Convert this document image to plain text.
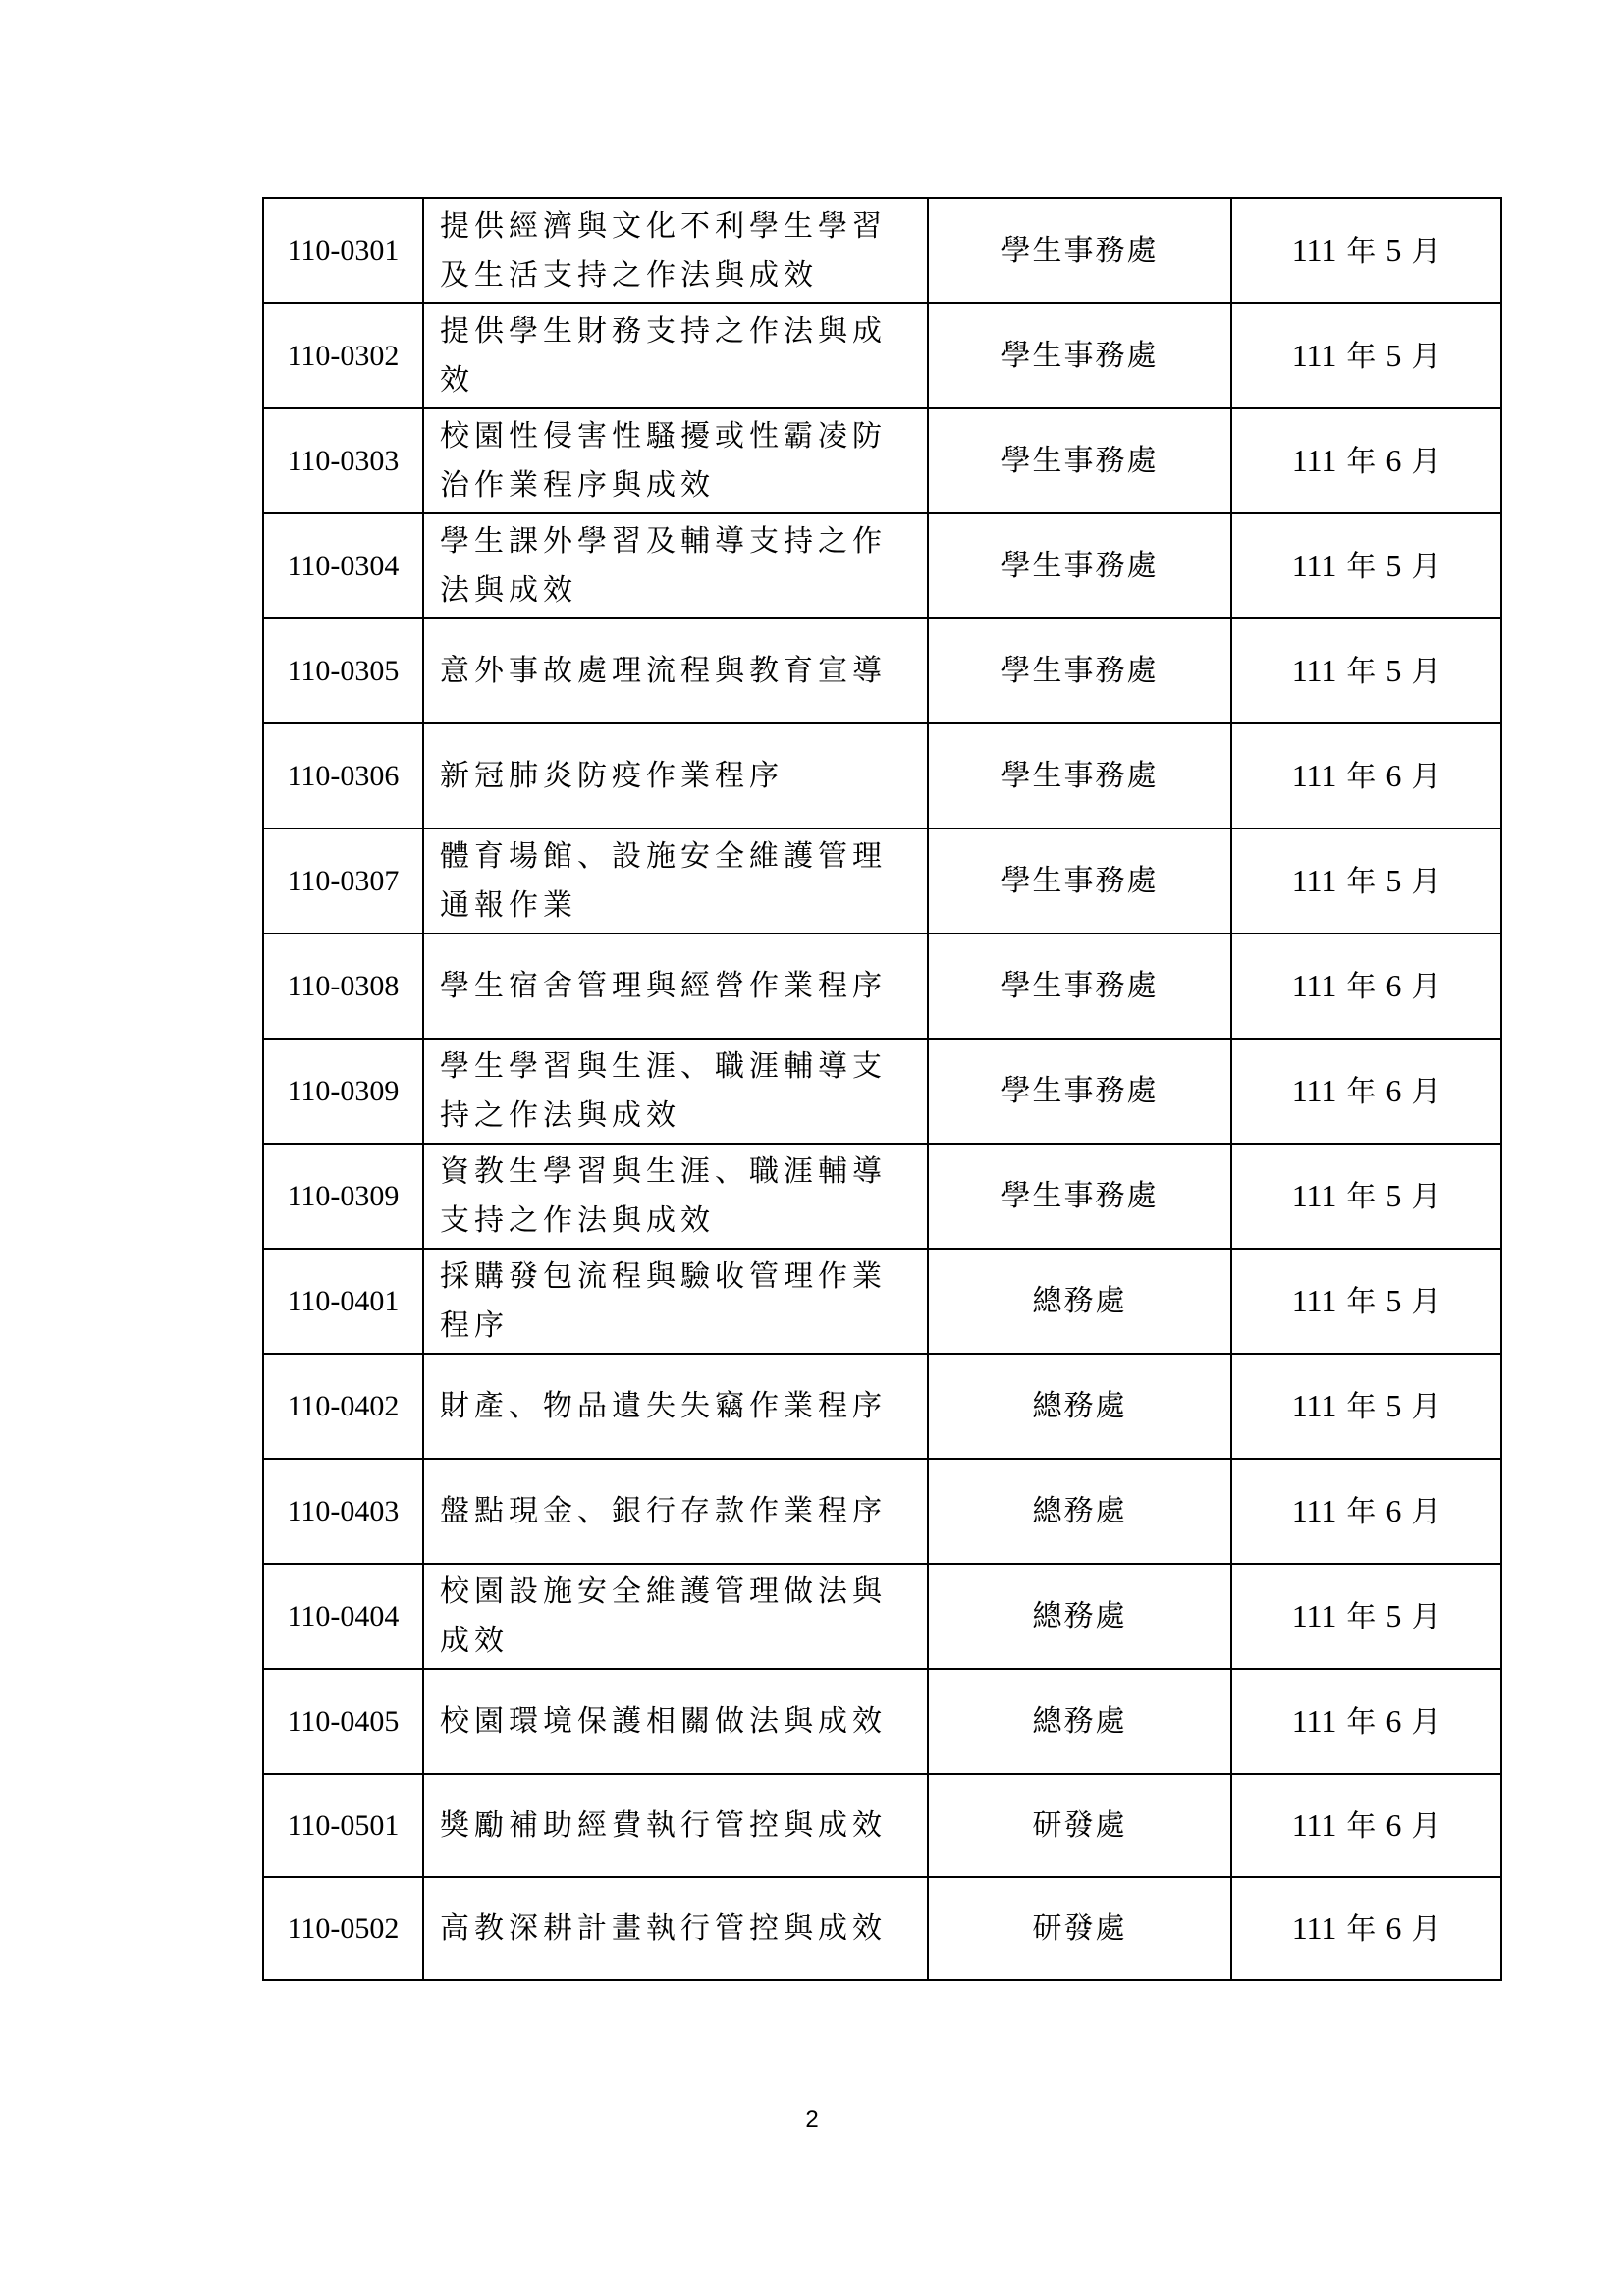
110-0301	提供經濟與文化不利學生學習及生活支持之作法與成效	學生事務處	111 年 5 月
110-0302	提供學生財務支持之作法與成效	學生事務處	111 年 5 月
110-0303	校園性侵害性騷擾或性霸凌防治作業程序與成效	學生事務處	111 年 6 月
110-0304	學生課外學習及輔導支持之作法與成效	學生事務處	111 年 5 月
110-0305	意外事故處理流程與教育宣導	學生事務處	111 年 5 月
110-0306	新冠肺炎防疫作業程序	學生事務處	111 年 6 月
110-0307	體育場館、設施安全維護管理通報作業	學生事務處	111 年 5 月
110-0308	學生宿舍管理與經營作業程序	學生事務處	111 年 6 月
110-0309	學生學習與生涯、職涯輔導支持之作法與成效	學生事務處	111 年 6 月
110-0309	資教生學習與生涯、職涯輔導支持之作法與成效	學生事務處	111 年 5 月
110-0401	採購發包流程與驗收管理作業程序	總務處	111 年 5 月
110-0402	財產、物品遺失失竊作業程序	總務處	111 年 5 月
110-0403	盤點現金、銀行存款作業程序	總務處	111 年 6 月
110-0404	校園設施安全維護管理做法與成效	總務處	111 年 5 月
110-0405	校園環境保護相關做法與成效	總務處	111 年 6 月
110-0501	獎勵補助經費執行管控與成效	研發處	111 年 6 月
110-0502	高教深耕計畫執行管控與成效	研發處	111 年 6 月
2
